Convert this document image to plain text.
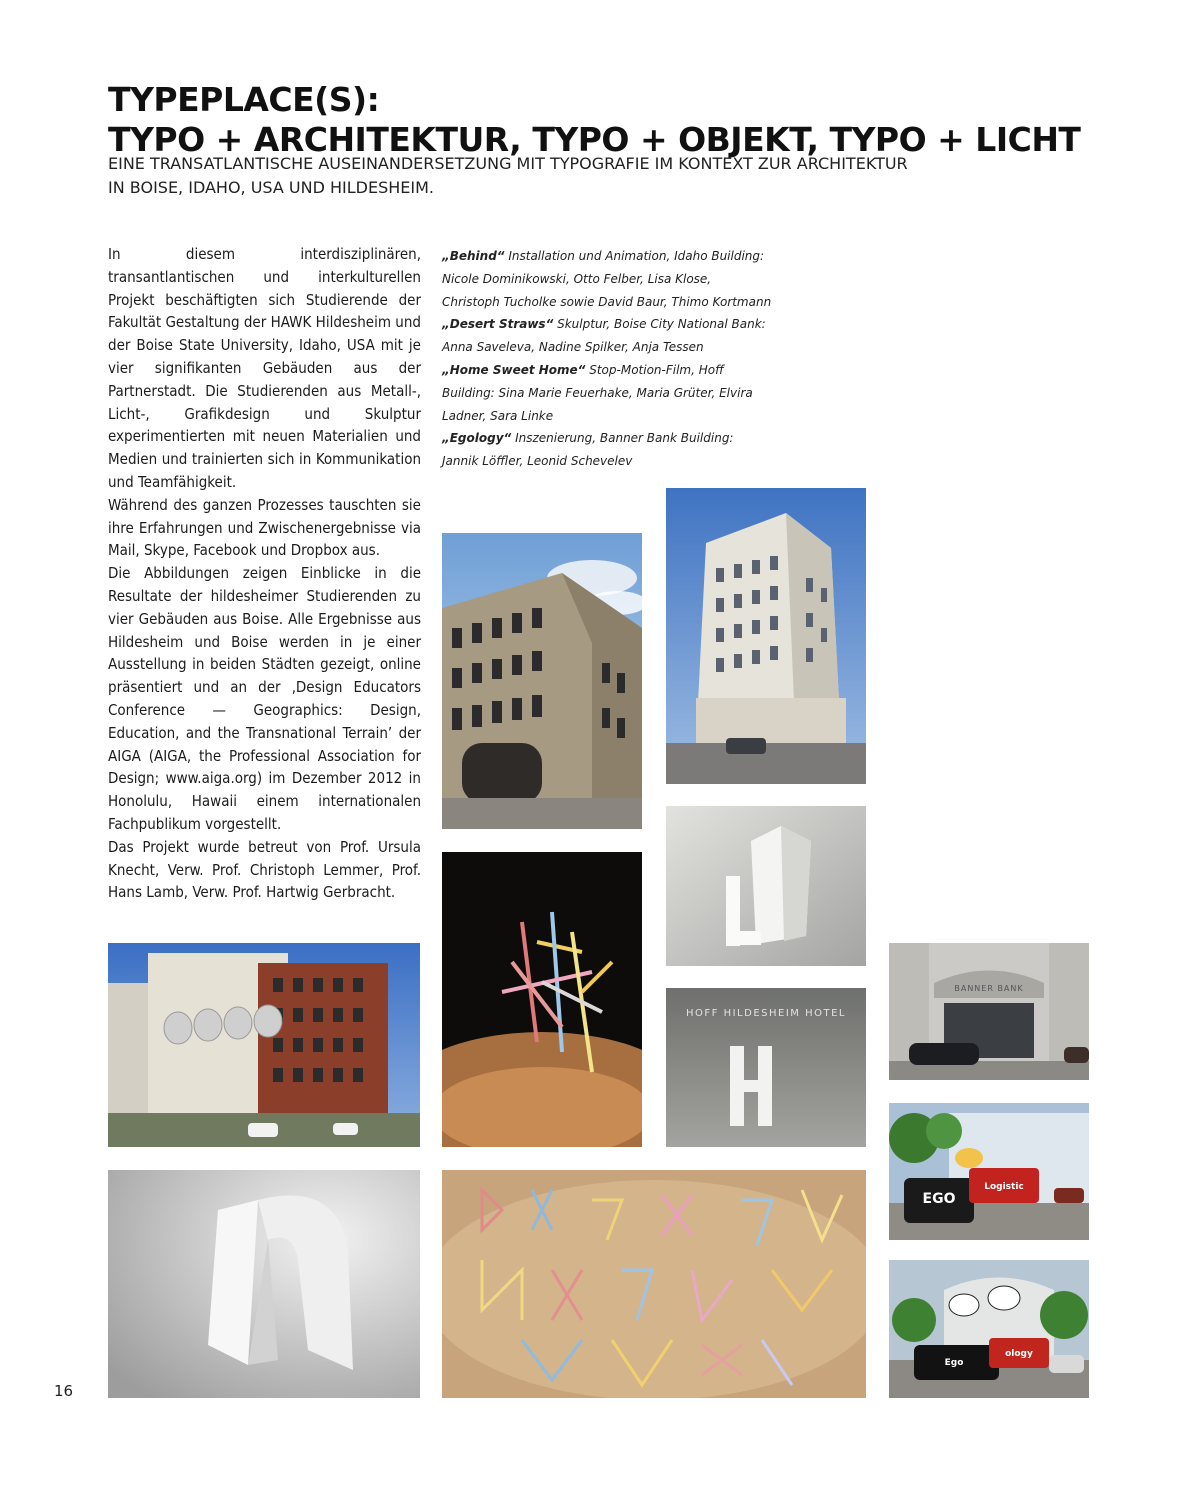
TYPEPLACE(S):
TYPO + ARCHITEKTUR, TYPO + OBJEKT, TYPO + LICHT
EINE TRANSATLANTISCHE AUSEINANDERSETZUNG MIT TYPOGRAFIE IM KONTEXT ZUR ARCHITEKTUR IN BOISE, IDAHO, USA UND HILDESHEIM.

In diesem interdisziplinären, transantlantischen und interkulturellen Projekt beschäftigten sich Studierende der Fakultät Gestaltung der HAWK Hildesheim und der Boise State University, Idaho, USA mit je vier signifikanten Gebäuden aus der Partnerstadt. Die Studierenden aus Metall-, Licht-, Grafikdesign und Skulptur experimentierten mit neuen Materialien und Medien und trainierten sich in Kommunikation und Teamfähigkeit.

Während des ganzen Prozesses tauschten sie ihre Erfahrungen und Zwischenergebnisse via Mail, Skype, Facebook und Dropbox aus.

Die Abbildungen zeigen Einblicke in die Resultate der hildesheimer Studierenden zu vier Gebäuden aus Boise. Alle Ergebnisse aus Hildesheim und Boise werden in je einer Ausstellung in beiden Städten gezeigt, online präsentiert und an der ‚Design Educators Conference — Geographics: Design, Education, and the Transnational Terrain’ der AIGA (AIGA, the Professional Association for Design; www.aiga.org) im Dezember 2012 in Honolulu, Hawaii einem internationalen Fachpublikum vorgestellt.

Das Projekt wurde betreut von Prof. Ursula Knecht, Verw. Prof. Christoph Lemmer, Prof. Hans Lamb, Verw. Prof. Hartwig Gerbracht.

„Behind“ Installation und Animation, Idaho Building: Nicole Dominikowski, Otto Felber, Lisa Klose, Christoph Tucholke sowie David Baur, Thimo Kortmann

„Desert Straws“ Skulptur, Boise City National Bank: Anna Saveleva, Nadine Spilker, Anja Tessen

„Home Sweet Home“ Stop-Motion-Film, Hoff Building: Sina Marie Feuerhake, Maria Grüter, Elvira Ladner, Sara Linke

„Egology“ Inszenierung, Banner Bank Building: Jannik Löffler, Leonid Schevelev

HOFF HILDESHEIM HOTEL
BANNER BANK
EGO
Logistic
Ego
ology
16
